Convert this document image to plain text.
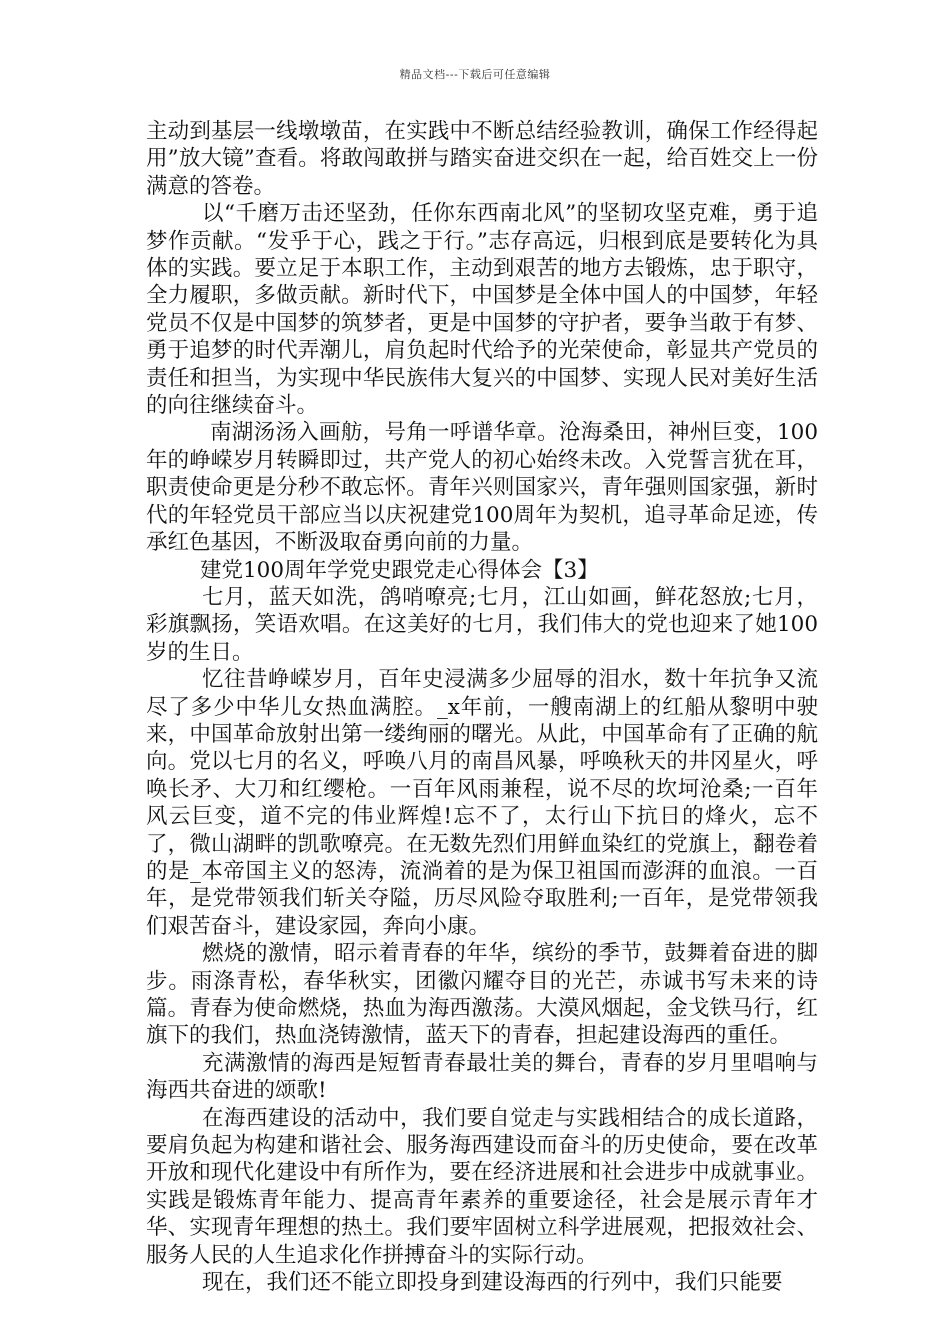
精品文档---下载后可任意编辑

主动到基层一线墩墩苗，在实践中不断总结经验教训，确保工作经得起用”放大镜”查看。将敢闯敢拼与踏实奋进交织在一起，给百姓交上一份满意的答卷。

以“千磨万击还坚劲，任你东西南北风”的坚韧攻坚克难，勇于追梦作贡献。“发乎于心，践之于行。”志存高远，归根到底是要转化为具体的实践。要立足于本职工作，主动到艰苦的地方去锻炼，忠于职守，全力履职，多做贡献。新时代下，中国梦是全体中国人的中国梦，年轻党员不仅是中国梦的筑梦者，更是中国梦的守护者，要争当敢于有梦、勇于追梦的时代弄潮儿，肩负起时代给予的光荣使命，彰显共产党员的责任和担当，为实现中华民族伟大复兴的中国梦、实现人民对美好生活的向往继续奋斗。

南湖汤汤入画舫，号角一呼谱华章。沧海桑田，神州巨变，100年的峥嵘岁月转瞬即过，共产党人的初心始终未改。入党誓言犹在耳，职责使命更是分秒不敢忘怀。青年兴则国家兴，青年强则国家强，新时代的年轻党员干部应当以庆祝建党100周年为契机，追寻革命足迹，传承红色基因，不断汲取奋勇向前的力量。

建党100周年学党史跟党走心得体会【3】

七月，蓝天如洗，鸽哨嘹亮;七月，江山如画，鲜花怒放;七月，彩旗飘扬，笑语欢唱。在这美好的七月，我们伟大的党也迎来了她100岁的生日。

忆往昔峥嵘岁月，百年史浸满多少屈辱的泪水，数十年抗争又流尽了多少中华儿女热血满腔。_x年前，一艘南湖上的红船从黎明中驶来，中国革命放射出第一缕绚丽的曙光。从此，中国革命有了正确的航向。党以七月的名义，呼唤八月的南昌风暴，呼唤秋天的井冈星火，呼唤长矛、大刀和红缨枪。一百年风雨兼程，说不尽的坎坷沧桑;一百年风云巨变，道不完的伟业辉煌!忘不了，太行山下抗日的烽火，忘不了，微山湖畔的凯歌嘹亮。在无数先烈们用鲜血染红的党旗上，翻卷着的是_本帝国主义的怒涛，流淌着的是为保卫祖国而澎湃的血浪。一百年，是党带领我们斩关夺隘，历尽风险夺取胜利;一百年，是党带领我们艰苦奋斗，建设家园，奔向小康。

燃烧的激情，昭示着青春的年华，缤纷的季节，鼓舞着奋进的脚步。雨涤青松，春华秋实，团徽闪耀夺目的光芒，赤诚书写未来的诗篇。青春为使命燃烧，热血为海西激荡。大漠风烟起，金戈铁马行，红旗下的我们，热血浇铸激情，蓝天下的青春，担起建设海西的重任。

充满激情的海西是短暂青春最壮美的舞台，青春的岁月里唱响与海西共奋进的颂歌!

在海西建设的活动中，我们要自觉走与实践相结合的成长道路，要肩负起为构建和谐社会、服务海西建设而奋斗的历史使命，要在改革开放和现代化建设中有所作为，要在经济进展和社会进步中成就事业。实践是锻炼青年能力、提高青年素养的重要途径，社会是展示青年才华、实现青年理想的热土。我们要牢固树立科学进展观，把报效社会、服务人民的人生追求化作拼搏奋斗的实际行动。

现在，我们还不能立即投身到建设海西的行列中，我们只能要
